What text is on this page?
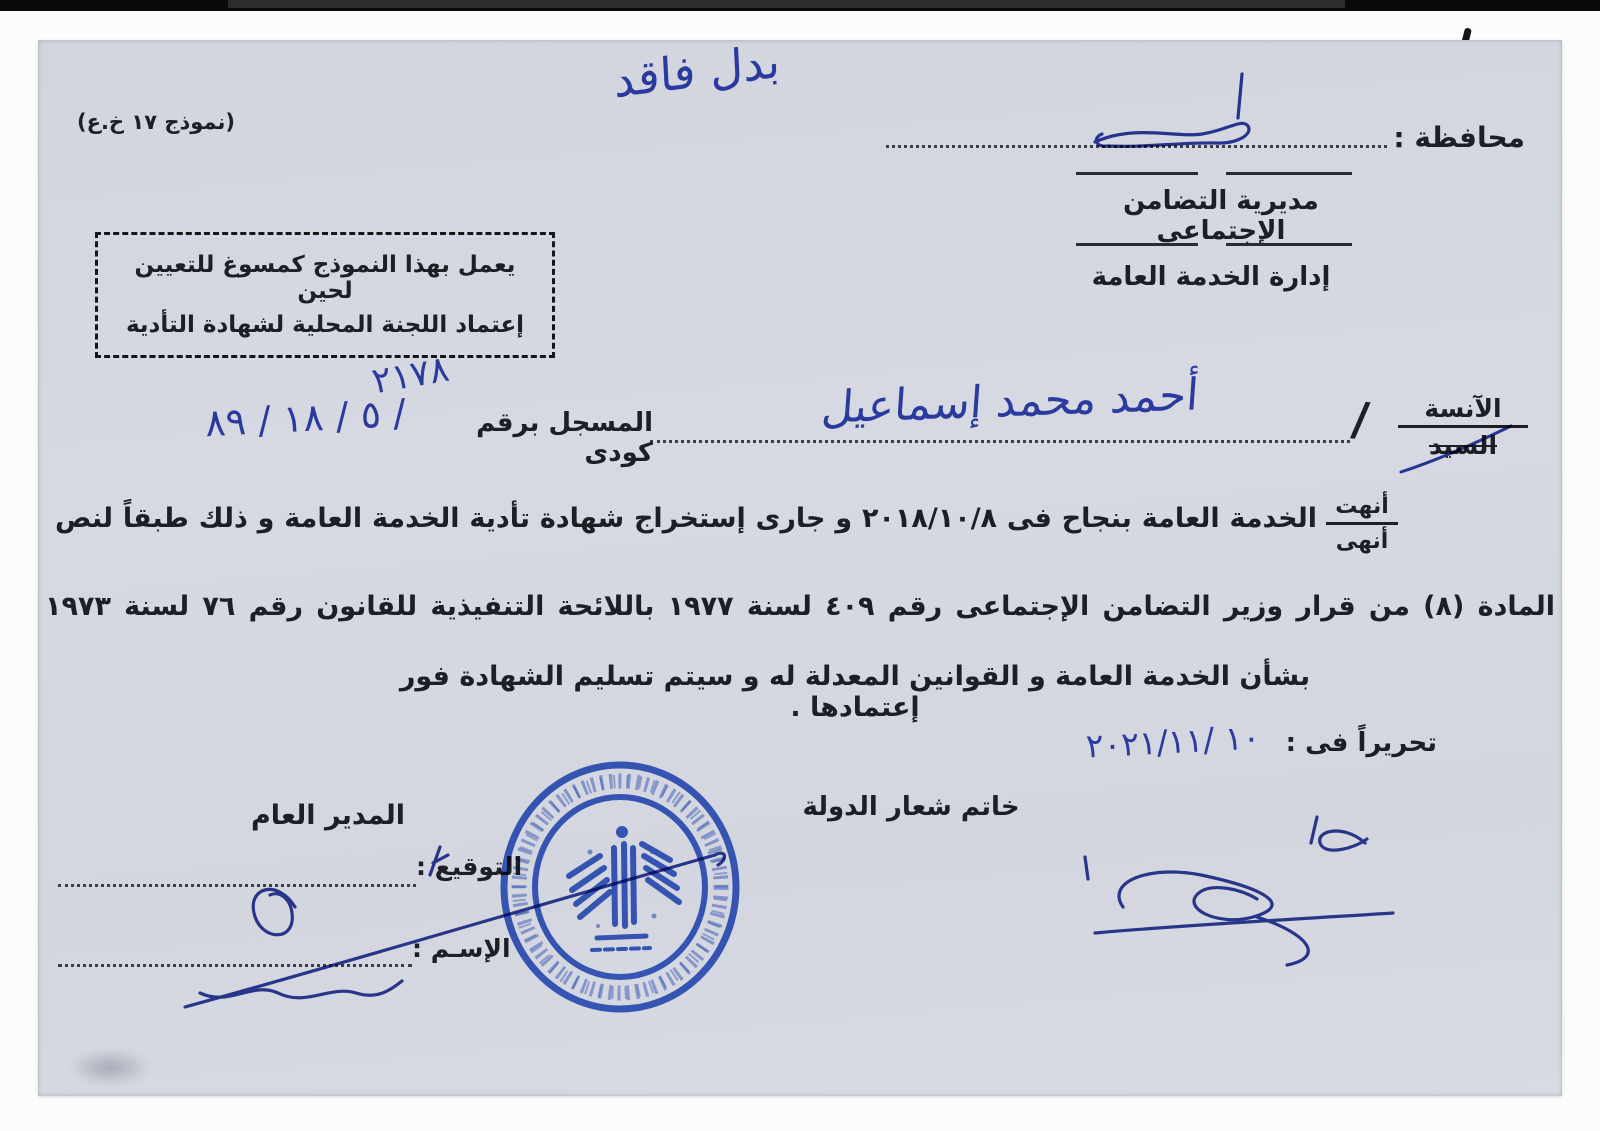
بدل فاقد
(نموذج ١٧ خ.ع)	محافظة :
مديرية التضامن الإجتماعى
إدارة الخدمة العامة
يعمل بهذا النموذج كمسوغ للتعيين لحين
إعتماد اللجنة المحلية لشهادة التأدية
الآنسة
السيد
/
أحمد محمد إسماعيل
المسجل برقم كودى
٢١٧٨
٨٩ / ١٨ / ٥ /
أنهت
أنهى
الخدمة العامة بنجاح فى ٢٠١٨/١٠/٨ و جارى إستخراج شهادة تأدية الخدمة العامة و ذلك طبقاً لنص
المادة (٨) من قرار وزير التضامن الإجتماعى رقم ٤٠٩ لسنة ١٩٧٧ باللائحة التنفيذية للقانون رقم ٧٦ لسنة ١٩٧٣
بشأن الخدمة العامة و القوانين المعدلة له و سيتم تسليم الشهادة فور إعتمادها .
تحريراً فى :
٢٠٢١/١١/ ١٠
خاتم شعار الدولة
المدير العام
التوقيع :
الإسـم :
